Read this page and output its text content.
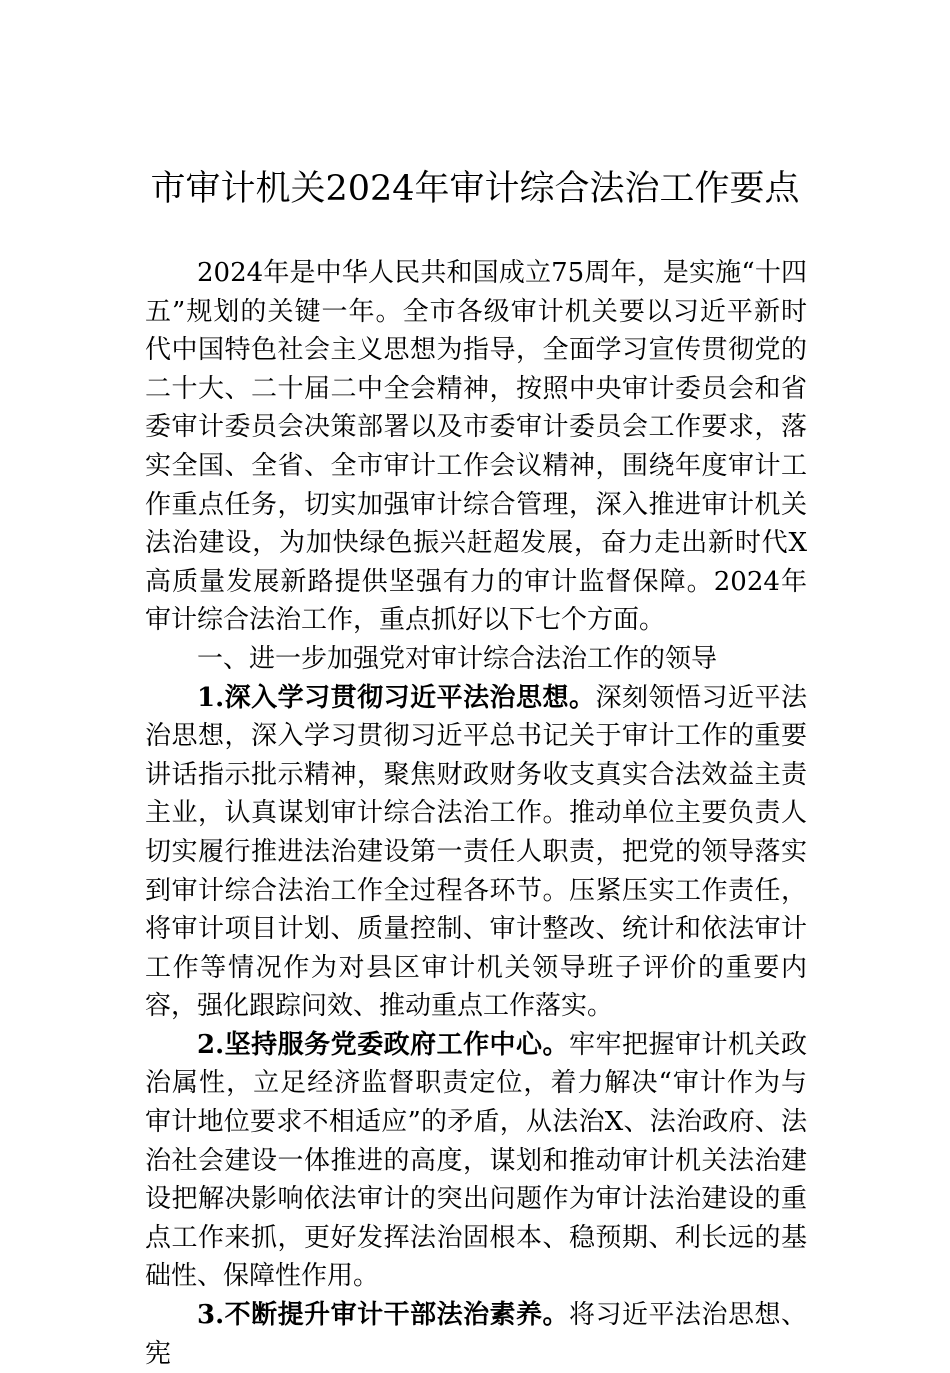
市审计机关2024年审计综合法治工作要点

2024年是中华人民共和国成立75周年，是实施“十四五”规划的关键一年。全市各级审计机关要以习近平新时代中国特色社会主义思想为指导，全面学习宣传贯彻党的二十大、二十届二中全会精神，按照中央审计委员会和省委审计委员会决策部署以及市委审计委员会工作要求，落实全国、全省、全市审计工作会议精神，围绕年度审计工作重点任务，切实加强审计综合管理，深入推进审计机关法治建设，为加快绿色振兴赶超发展，奋力走出新时代X高质量发展新路提供坚强有力的审计监督保障。2024年审计综合法治工作，重点抓好以下七个方面。

一、进一步加强党对审计综合法治工作的领导

1.深入学习贯彻习近平法治思想。深刻领悟习近平法治思想，深入学习贯彻习近平总书记关于审计工作的重要讲话指示批示精神，聚焦财政财务收支真实合法效益主责主业，认真谋划审计综合法治工作。推动单位主要负责人切实履行推进法治建设第一责任人职责，把党的领导落实到审计综合法治工作全过程各环节。压紧压实工作责任，将审计项目计划、质量控制、审计整改、统计和依法审计工作等情况作为对县区审计机关领导班子评价的重要内容，强化跟踪问效、推动重点工作落实。

2.坚持服务党委政府工作中心。牢牢把握审计机关政治属性，立足经济监督职责定位，着力解决“审计作为与审计地位要求不相适应”的矛盾，从法治X、法治政府、法治社会建设一体推进的高度，谋划和推动审计机关法治建设把解决影响依法审计的突出问题作为审计法治建设的重点工作来抓，更好发挥法治固根本、稳预期、利长远的基础性、保障性作用。

3.不断提升审计干部法治素养。将习近平法治思想、宪
